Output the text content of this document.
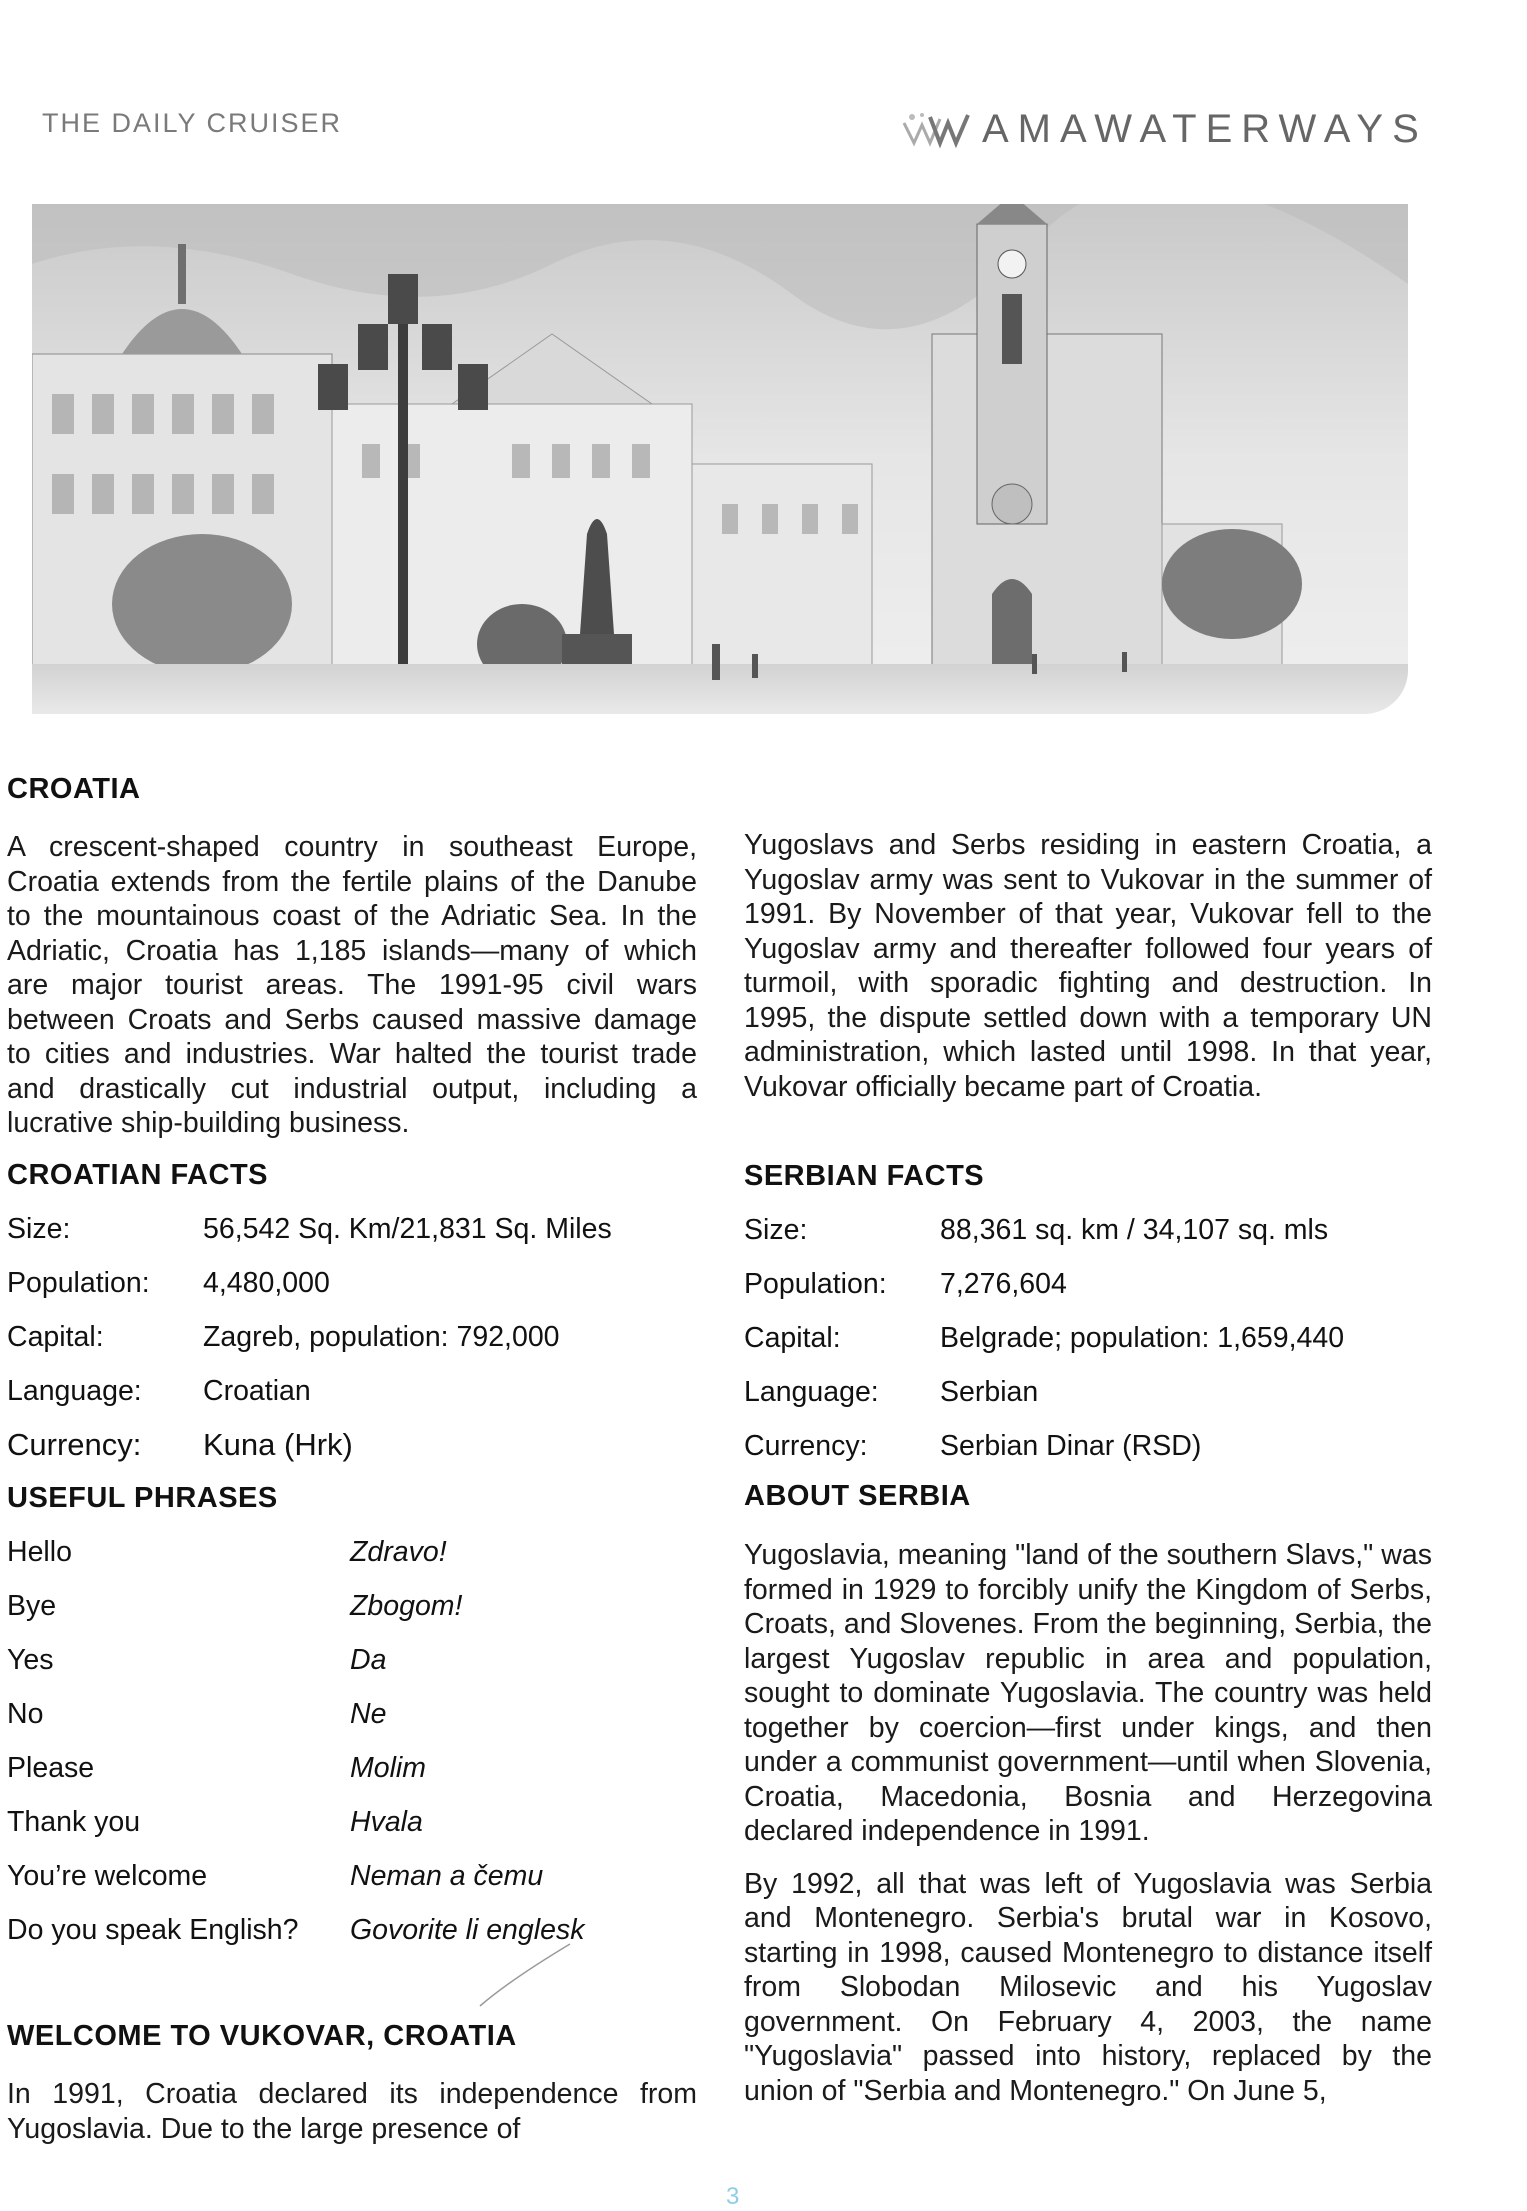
THE DAILY CRUISER	AMAWATERWAYS
CROATIA

A crescent-shaped country in southeast Europe, Croatia extends from the fertile plains of the Danube to the mountainous coast of the Adriatic Sea. In the Adriatic, Croatia has 1,185 islands—many of which are major tourist areas. The 1991-95 civil wars between Croats and Serbs caused massive damage to cities and industries. War halted the tourist trade and drastically cut industrial output, including a lucrative ship-building business.

CROATIAN FACTS
Size:	56,542 Sq. Km/21,831 Sq. Miles
Population: 4,480,000
Capital:	Zagreb, population: 792,000
Language: Croatian
Currency: Kuna (Hrk)
USEFUL PHRASES
Hello	Zdravo!
Bye	Zbogom!
Yes	Da
No	Ne
Please	Molim
Thank you	Hvala
You’re welcome	Neman a čemu
Do you speak English? Govorite li englesk
WELCOME TO VUKOVAR, CROATIA

In 1991, Croatia declared its independence from Yugoslavia. Due to the large presence of

Yugoslavs and Serbs residing in eastern Croatia, a Yugoslav army was sent to Vukovar in the summer of 1991. By November of that year, Vukovar fell to the Yugoslav army and thereafter followed four years of turmoil, with sporadic fighting and destruction. In 1995, the dispute settled down with a temporary UN administration, which lasted until 1998. In that year, Vukovar officially became part of Croatia.

SERBIAN FACTS
Size:	88,361 sq. km / 34,107 sq. mls
Population: 7,276,604
Capital:	Belgrade; population: 1,659,440
Language: Serbian
Currency:	Serbian Dinar (RSD)
ABOUT SERBIA

Yugoslavia, meaning "land of the southern Slavs," was formed in 1929 to forcibly unify the Kingdom of Serbs, Croats, and Slovenes. From the beginning, Serbia, the largest Yugoslav republic in area and population, sought to dominate Yugoslavia. The country was held together by coercion—first under kings, and then under a communist government—until when Slovenia, Croatia, Macedonia, Bosnia and Herzegovina declared independence in 1991.

By 1992, all that was left of Yugoslavia was Serbia and Montenegro. Serbia's brutal war in Kosovo, starting in 1998, caused Montenegro to distance itself from Slobodan Milosevic and his Yugoslav government. On February 4, 2003, the name "Yugoslavia" passed into history, replaced by the union of "Serbia and Montenegro." On June 5,

3
